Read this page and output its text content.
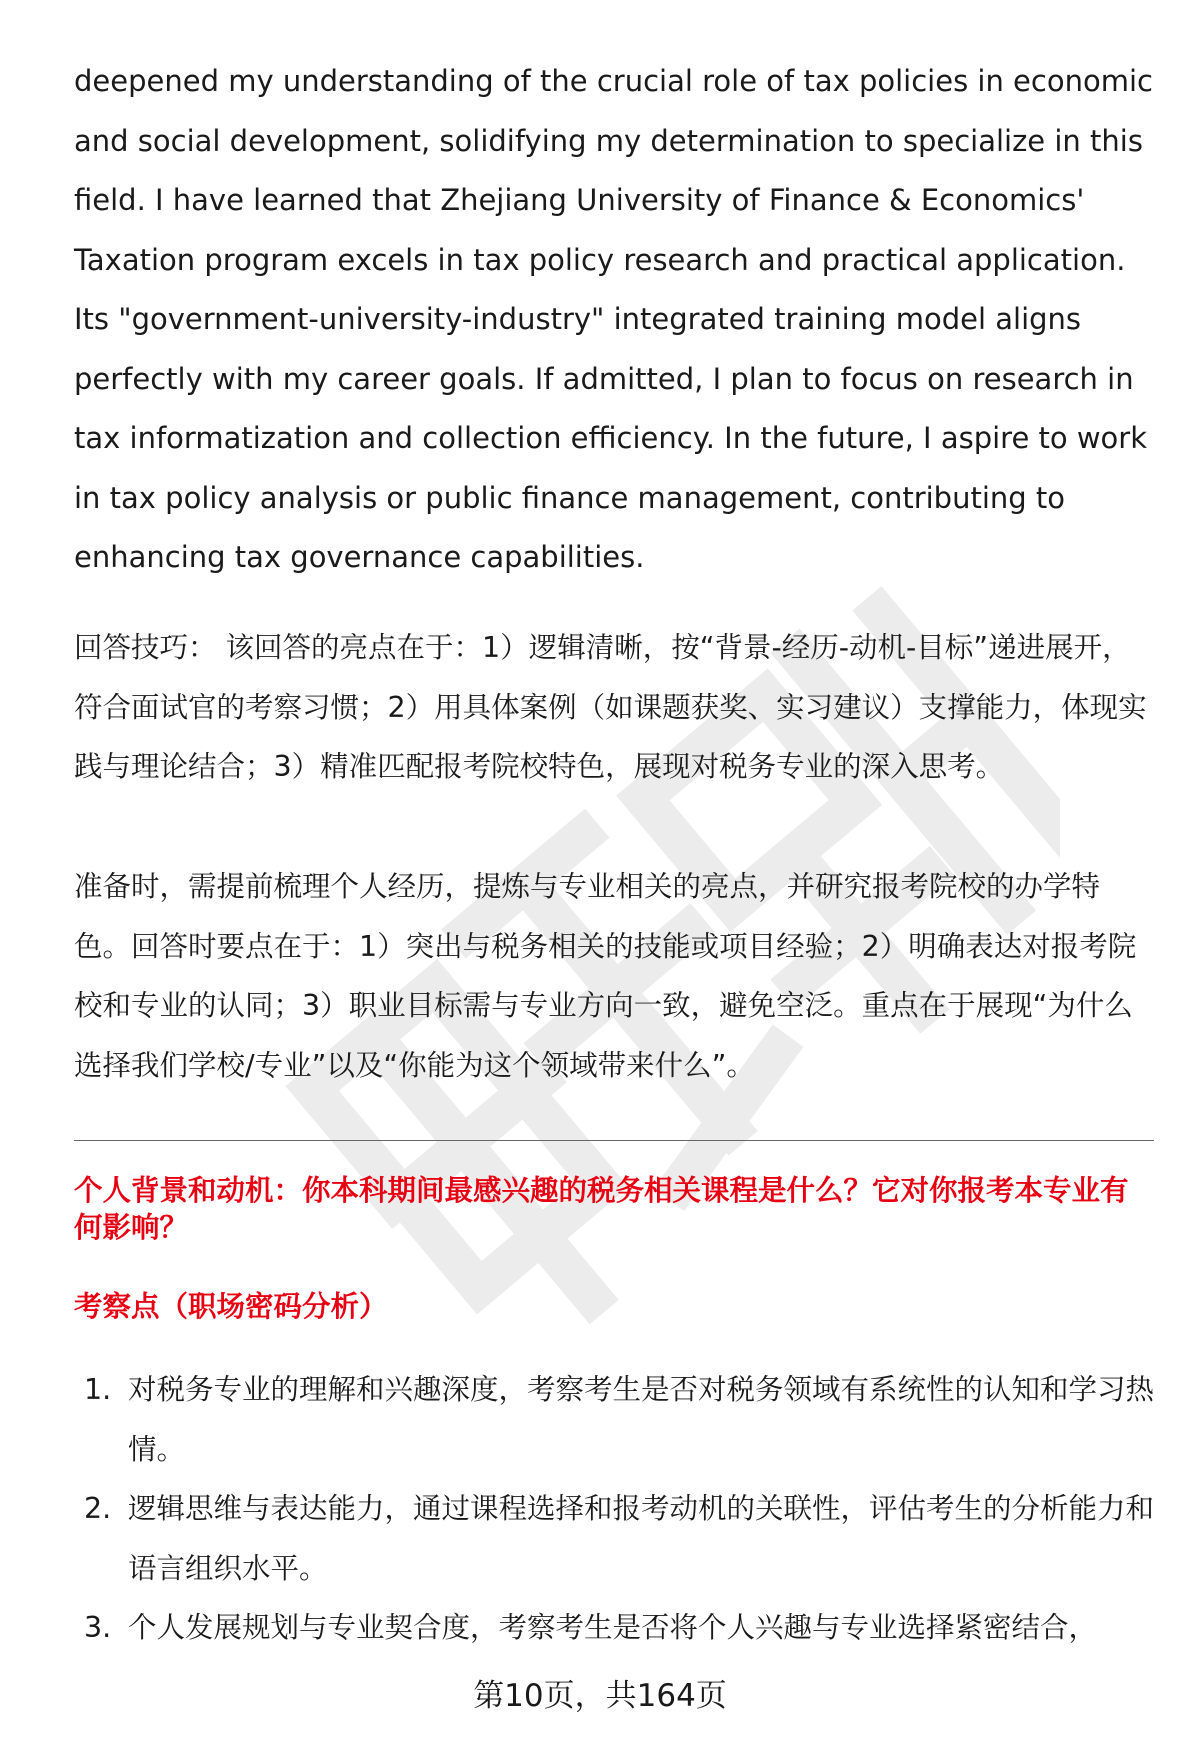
deepened my understanding of the crucial role of tax policies in economic and social development, solidifying my determination to specialize in this field. I have learned that Zhejiang University of Finance & Economics' Taxation program excels in tax policy research and practical application. Its "government-university-industry" integrated training model aligns perfectly with my career goals. If admitted, I plan to focus on research in tax informatization and collection efficiency. In the future, I aspire to work in tax policy analysis or public finance management, contributing to enhancing tax governance capabilities.

回答技巧： 该回答的亮点在于：1）逻辑清晰，按“背景-经历-动机-目标”递进展开，符合面试官的考察习惯；2）用具体案例（如课题获奖、实习建议）支撑能力，体现实践与理论结合；3）精准匹配报考院校特色，展现对税务专业的深入思考。

准备时，需提前梳理个人经历，提炼与专业相关的亮点，并研究报考院校的办学特色。回答时要点在于：1）突出与税务相关的技能或项目经验；2）明确表达对报考院校和专业的认同；3）职业目标需与专业方向一致，避免空泛。重点在于展现“为什么选择我们学校/专业”以及“你能为这个领域带来什么”。

个人背景和动机：你本科期间最感兴趣的税务相关课程是什么？它对你报考本专业有何影响？

考察点（职场密码分析）

1. 对税务专业的理解和兴趣深度，考察考生是否对税务领域有系统性的认知和学习热情。
2. 逻辑思维与表达能力，通过课程选择和报考动机的关联性，评估考生的分析能力和语言组织水平。
3. 个人发展规划与专业契合度，考察考生是否将个人兴趣与专业选择紧密结合，
第10页，共164页
